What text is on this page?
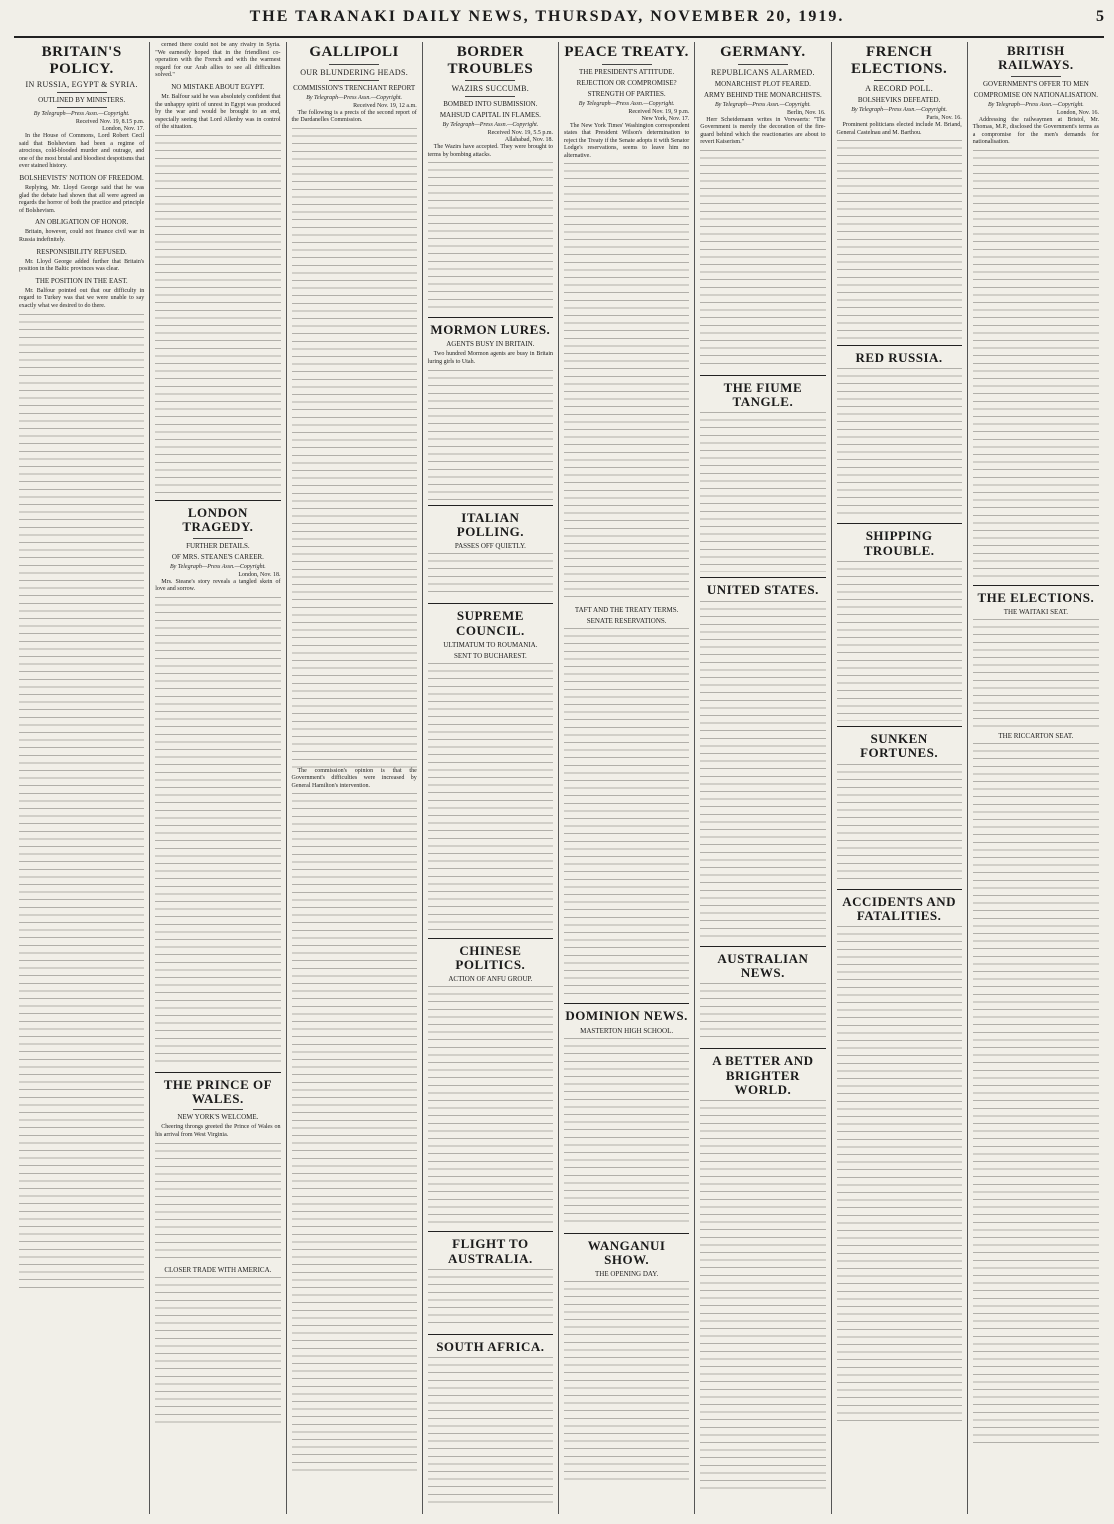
THE TARANAKI DAILY NEWS, THURSDAY, NOVEMBER 20, 1919.	5
BRITAIN'S POLICY.
IN RUSSIA, EGYPT & SYRIA.
OUTLINED BY MINISTERS.
By Telegraph—Press Assn.—Copyright.
Received Nov. 19, 8.15 p.m.
London, Nov. 17.

In the House of Commons, Lord Robert Cecil said that Bolshevism had been a regime of atrocious, cold-blooded murder and outrage, and one of the most brutal and bloodiest despotisms that ever stained history.

BOLSHEVISTS' NOTION OF FREEDOM.

Replying, Mr. Lloyd George said that he was glad the debate had shown that all were agreed as regards the horror of both the practice and principle of Bolshevism.

AN OBLIGATION OF HONOR.

Britain, however, could not finance civil war in Russia indefinitely.

RESPONSIBILITY REFUSED.

Mr. Lloyd George added further that Britain's position in the Baltic provinces was clear.

THE POSITION IN THE EAST.

Mr. Balfour pointed out that our difficulty in regard to Turkey was that we were unable to say exactly what we desired to do there.

cerned there could not be any rivalry in Syria. "We earnestly hoped that in the friendliest co-operation with the French and with the warmest regard for our Arab allies to see all difficulties solved."

NO MISTAKE ABOUT EGYPT.

Mr. Balfour said he was absolutely confident that the unhappy spirit of unrest in Egypt was produced by the war and would be brought to an end, especially seeing that Lord Allenby was in control of the situation.

LONDON TRAGEDY.
FURTHER DETAILS.
OF MRS. STEANE'S CAREER.
By Telegraph—Press Assn.—Copyright.
London, Nov. 18.

Mrs. Steane's story reveals a tangled skein of love and sorrow.

THE PRINCE OF WALES.
NEW YORK'S WELCOME.

Cheering throngs greeted the Prince of Wales on his arrival from West Virginia.

CLOSER TRADE WITH AMERICA.
GALLIPOLI
OUR BLUNDERING HEADS.
COMMISSION'S TRENCHANT REPORT
By Telegraph—Press Assn.—Copyright.
Received Nov. 19, 12 a.m.

The following is a precis of the second report of the Dardanelles Commission.

The commission's opinion is that the Government's difficulties were increased by General Hamilton's intervention.

BORDER TROUBLES
WAZIRS SUCCUMB.
BOMBED INTO SUBMISSION.
MAHSUD CAPITAL IN FLAMES.
By Telegraph—Press Assn.—Copyright.
Received Nov. 19, 5.5 p.m.
Allahabad, Nov. 18.

The Wazirs have accepted. They were brought to terms by bombing attacks.

MORMON LURES.
AGENTS BUSY IN BRITAIN.

Two hundred Mormon agents are busy in Britain luring girls to Utah.

ITALIAN POLLING.
PASSES OFF QUIETLY.
SUPREME COUNCIL.
ULTIMATUM TO ROUMANIA.
SENT TO BUCHAREST.
CHINESE POLITICS.
ACTION OF ANFU GROUP.
FLIGHT TO AUSTRALIA.
SOUTH AFRICA.
PEACE TREATY.
THE PRESIDENT'S ATTITUDE.
REJECTION OR COMPROMISE?
STRENGTH OF PARTIES.
By Telegraph—Press Assn.—Copyright.
Received Nov. 19, 9 p.m.
New York, Nov. 17.

The New York Times' Washington correspondent states that President Wilson's determination to reject the Treaty if the Senate adopts it with Senator Lodge's reservations, seems to leave him no alternative.

TAFT AND THE TREATY TERMS.
SENATE RESERVATIONS.
DOMINION NEWS.
MASTERTON HIGH SCHOOL.
WANGANUI SHOW.
THE OPENING DAY.
GERMANY.
REPUBLICANS ALARMED.
MONARCHIST PLOT FEARED.
ARMY BEHIND THE MONARCHISTS.
By Telegraph—Press Assn.—Copyright.
Berlin, Nov. 16.

Herr Scheidemann writes in Vorwaerts: "The Government is merely the decoration of the fire-guard behind which the reactionaries are about to revert Kaiserism."

THE FIUME TANGLE.
UNITED STATES.
AUSTRALIAN NEWS.
A BETTER AND BRIGHTER WORLD.
FRENCH ELECTIONS.
A RECORD POLL.
BOLSHEVIKS DEFEATED.
By Telegraph—Press Assn.—Copyright.
Paris, Nov. 16.

Prominent politicians elected include M. Briand, General Castelnau and M. Barthou.

RED RUSSIA.
SHIPPING TROUBLE.
SUNKEN FORTUNES.
ACCIDENTS AND FATALITIES.
BRITISH RAILWAYS.
GOVERNMENT'S OFFER TO MEN
COMPROMISE ON NATIONALISATION.
By Telegraph—Press Assn.—Copyright.
London, Nov. 16.

Addressing the railwaymen at Bristol, Mr. Thomas, M.P., disclosed the Government's terms as a compromise for the men's demands for nationalisation.

THE ELECTIONS.
THE WAITAKI SEAT.
THE RICCARTON SEAT.
